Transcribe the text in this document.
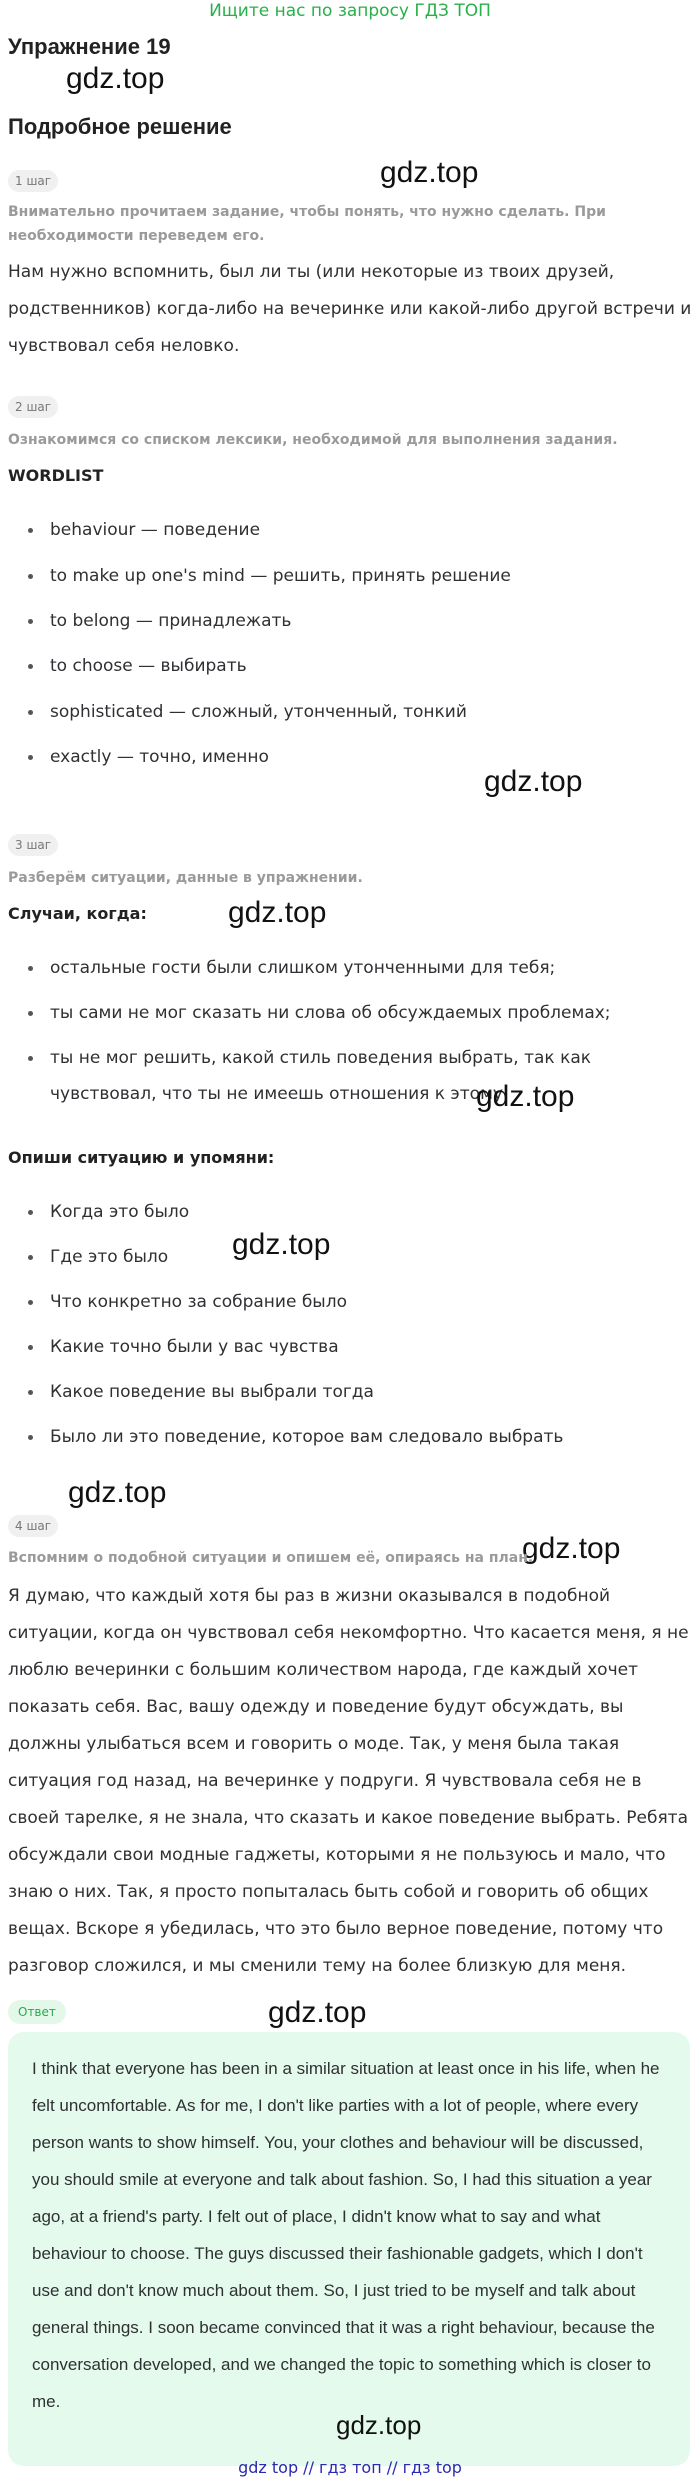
Ищите нас по запросу ГДЗ ТОП
Упражнение 19
gdz.top
Подробное решение
1 шаг	gdz.top
Внимательно прочитаем задание, чтобы понять, что нужно сделать. При необходимости переведем его.
Нам нужно вспомнить, был ли ты (или некоторые из твоих друзей, родственников) когда-либо на вечеринке или какой-либо другой встречи и чувствовал себя неловко.
2 шаг
Ознакомимся со списком лексики, необходимой для выполнения задания.
WORDLIST
behaviour — поведение
to make up one's mind — решить, принять решение
to belong — принадлежать
to choose — выбирать
sophisticated — сложный, утонченный, тонкий
exactly — точно, именно
gdz.top
3 шаг
Разберём ситуации, данные в упражнении.
Случаи, когда:	gdz.top
остальные гости были слишком утонченными для тебя;
ты сами не мог сказать ни слова об обсуждаемых проблемах;
ты не мог решить, какой стиль поведения выбрать, так как чувствовал, что ты не имеешь отношения к этому.
gdz.top
Опиши ситуацию и упомяни:
Когда это было
Где это было	gdz.top
Что конкретно за собрание было
Какие точно были у вас чувства
Какое поведение вы выбрали тогда
Было ли это поведение, которое вам следовало выбрать
gdz.top
4 шаг
gdz.top
Вспомним о подобной ситуации и опишем её, опираясь на план.
Я думаю, что каждый хотя бы раз в жизни оказывался в подобной ситуации, когда он чувствовал себя некомфортно. Что касается меня, я не люблю вечеринки с большим количеством народа, где каждый хочет показать себя. Вас, вашу одежду и поведение будут обсуждать, вы должны улыбаться всем и говорить о моде. Так, у меня была такая ситуация год назад, на вечеринке у подруги. Я чувствовала себя не в своей тарелке, я не знала, что сказать и какое поведение выбрать. Ребята обсуждали свои модные гаджеты, которыми я не пользуюсь и мало, что знаю о них. Так, я просто попыталась быть собой и говорить об общих вещах. Вскоре я убедилась, что это было верное поведение, потому что разговор сложился, и мы сменили тему на более близкую для меня.
Ответ	gdz.top
I think that everyone has been in a similar situation at least once in his life, when he felt uncomfortable. As for me, I don't like parties with a lot of people, where every person wants to show himself. You, your clothes and behaviour will be discussed, you should smile at everyone and talk about fashion. So, I had this situation a year ago, at a friend's party. I felt out of place, I didn't know what to say and what behaviour to choose. The guys discussed their fashionable gadgets, which I don't use and don't know much about them. So, I just tried to be myself and talk about general things. I soon became convinced that it was a right behaviour, because the conversation developed, and we changed the topic to something which is closer to me.
gdz.top
gdz top // гдз топ // гдз top
